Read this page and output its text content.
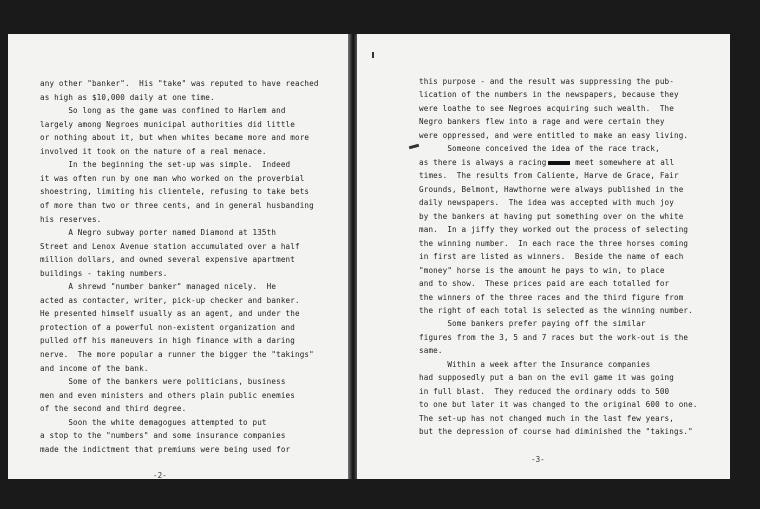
any other "banker".  His "take" was reputed to have reached
as high as $10,000 daily at one time.
So long as the game was confined to Harlem and
largely among Negroes municipal authorities did little
or nothing about it, but when whites became more and more
involved it took on the nature of a real menace.
In the beginning the set-up was simple.  Indeed
it was often run by one man who worked on the proverbial
shoestring, limiting his clientele, refusing to take bets
of more than two or three cents, and in general husbanding
his reserves.
A Negro subway porter named Diamond at 135th
Street and Lenox Avenue station accumulated over a half
million dollars, and owned several expensive apartment
buildings - taking numbers.
A shrewd "number banker" managed nicely.  He
acted as contacter, writer, pick-up checker and banker.
He presented himself usually as an agent, and under the
protection of a powerful non-existent organization and
pulled off his maneuvers in high finance with a daring
nerve.  The more popular a runner the bigger the "takings"
and income of the bank.
Some of the bankers were politicians, business
men and even ministers and others plain public enemies
of the second and third degree.
Soon the white demagogues attempted to put
a stop to the "numbers" and some insurance companies
made the indictment that premiums were being used for
-2-
this purpose - and the result was suppressing the pub-
lication of the numbers in the newspapers, because they
were loathe to see Negroes acquiring such wealth.  The
Negro bankers flew into a rage and were certain they
were oppressed, and were entitled to make an easy living.
Someone conceived the idea of the race track,
as there is always a racing	meet somewhere at all
times.  The results from Caliente, Harve de Grace, Fair
Grounds, Belmont, Hawthorne were always published in the
daily newspapers.  The idea was accepted with much joy
by the bankers at having put something over on the white
man.  In a jiffy they worked out the process of selecting
the winning number.  In each race the three horses coming
in first are listed as winners.  Beside the name of each
"money" horse is the amount he pays to win, to place
and to show.  These prices paid are each totalled for
the winners of the three races and the third figure from
the right of each total is selected as the winning number.
Some bankers prefer paying off the similar
figures from the 3, 5 and 7 races but the work-out is the
same.
Within a week after the Insurance companies
had supposedly put a ban on the evil game it was going
in full blast.  They reduced the ordinary odds to 500
to one but later it was changed to the original 600 to one.
The set-up has not changed much in the last few years,
but the depression of course had diminished the "takings."
-3-
